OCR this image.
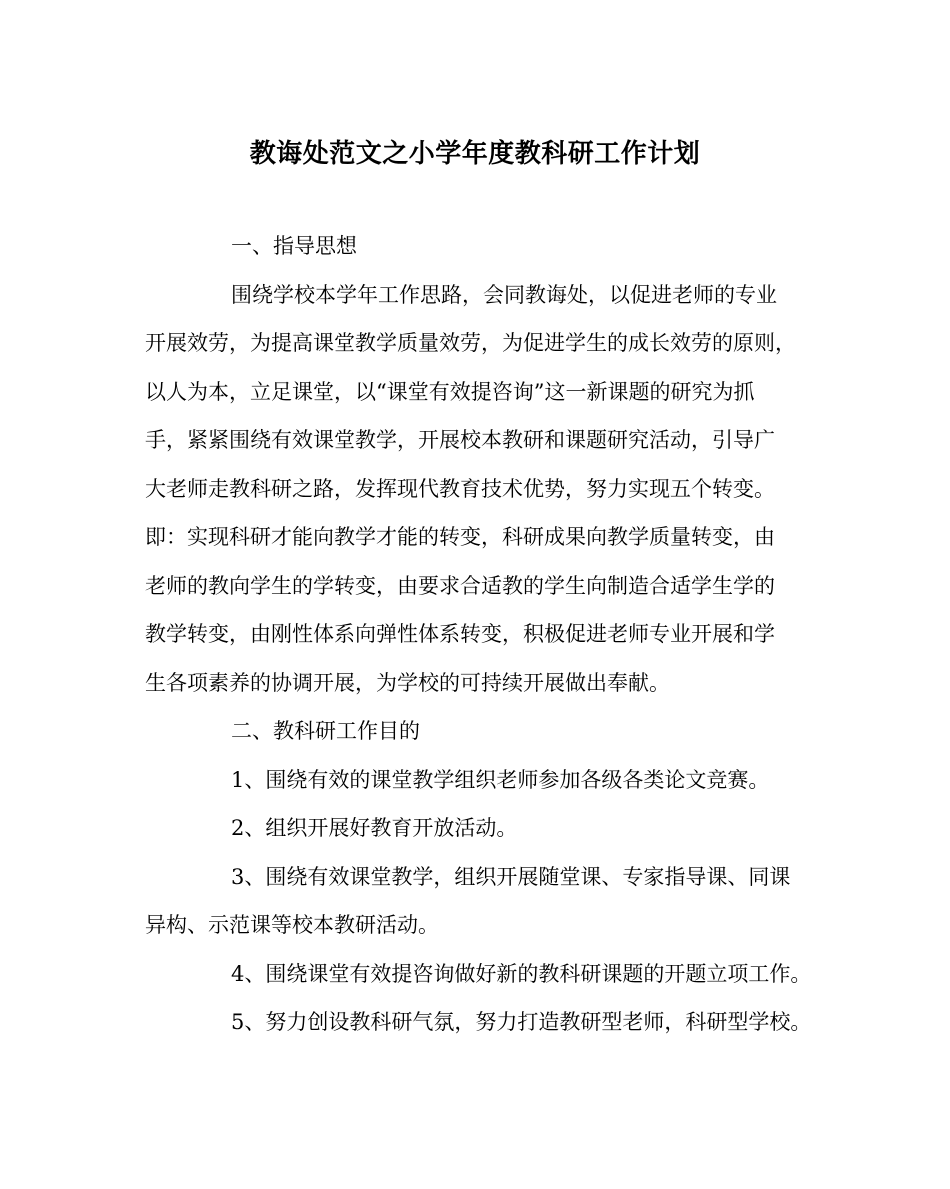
教诲处范文之小学年度教科研工作计划
一、指导思想
围绕学校本学年工作思路，会同教诲处，以促进老师的专业
开展效劳，为提高课堂教学质量效劳，为促进学生的成长效劳的原则，
以人为本，立足课堂，以“课堂有效提咨询”这一新课题的研究为抓
手，紧紧围绕有效课堂教学，开展校本教研和课题研究活动，引导广
大老师走教科研之路，发挥现代教育技术优势，努力实现五个转变。
即：实现科研才能向教学才能的转变，科研成果向教学质量转变，由
老师的教向学生的学转变，由要求合适教的学生向制造合适学生学的
教学转变，由刚性体系向弹性体系转变，积极促进老师专业开展和学
生各项素养的协调开展，为学校的可持续开展做出奉献。
二、教科研工作目的
1、围绕有效的课堂教学组织老师参加各级各类论文竞赛。
2、组织开展好教育开放活动。
3、围绕有效课堂教学，组织开展随堂课、专家指导课、同课
异构、示范课等校本教研活动。
4、围绕课堂有效提咨询做好新的教科研课题的开题立项工作。
5、努力创设教科研气氛，努力打造教研型老师，科研型学校。
